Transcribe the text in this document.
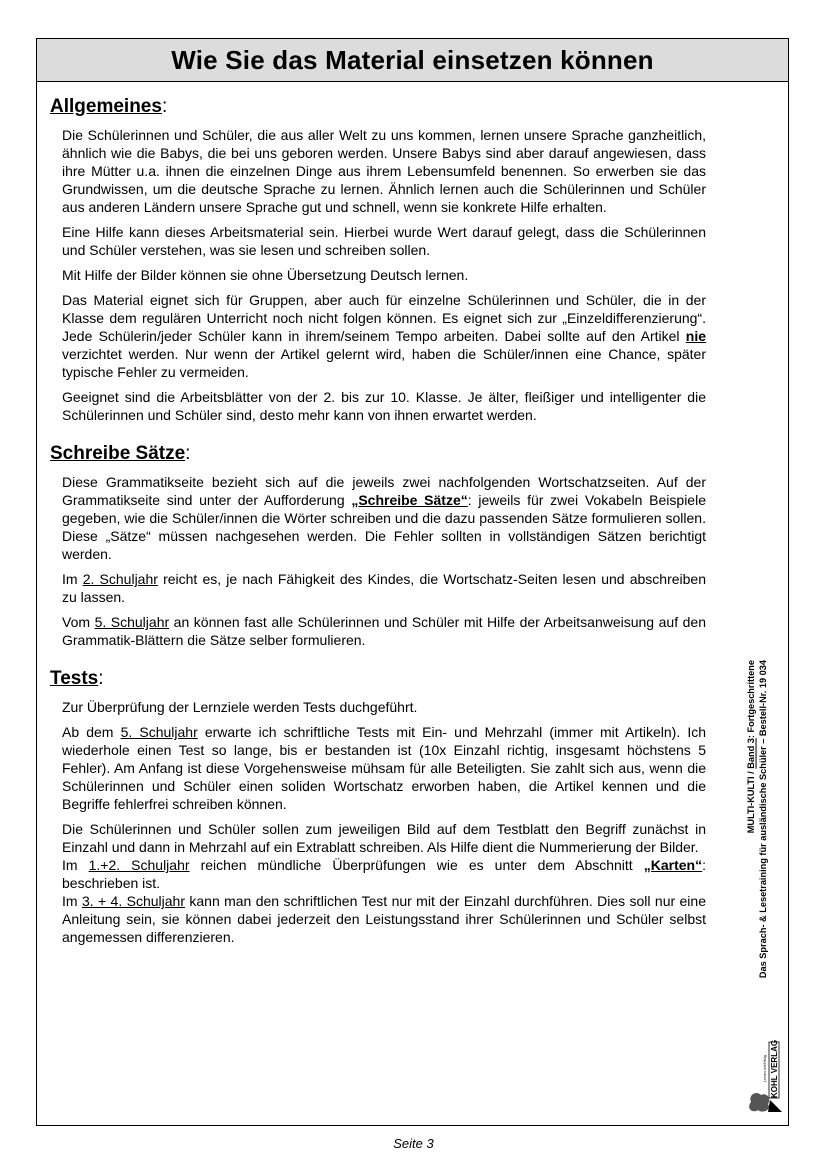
Wie Sie das Material einsetzen können
Allgemeines:

Die Schülerinnen und Schüler, die aus aller Welt zu uns kommen, lernen unsere Sprache ganzheitlich, ähnlich wie die Babys, die bei uns geboren werden. Unsere Babys sind aber darauf angewiesen, dass ihre Mütter u.a. ihnen die einzelnen Dinge aus ihrem Lebensumfeld benennen. So erwerben sie das Grundwissen, um die deutsche Sprache zu lernen. Ähnlich lernen auch die Schülerinnen und Schüler aus anderen Ländern unsere Sprache gut und schnell, wenn sie konkrete Hilfe erhalten.

Eine Hilfe kann dieses Arbeitsmaterial sein. Hierbei wurde Wert darauf gelegt, dass die Schülerinnen und Schüler verstehen, was sie lesen und schreiben sollen.

Mit Hilfe der Bilder können sie ohne Übersetzung Deutsch lernen.

Das Material eignet sich für Gruppen, aber auch für einzelne Schülerinnen und Schüler, die in der Klasse dem regulären Unterricht noch nicht folgen können. Es eignet sich zur „Einzeldifferenzierung“. Jede Schülerin/jeder Schüler kann in ihrem/seinem Tempo arbeiten. Dabei sollte auf den Artikel nie verzichtet werden. Nur wenn der Artikel gelernt wird, haben die Schüler/innen eine Chance, später typische Fehler zu vermeiden.

Geeignet sind die Arbeitsblätter von der 2. bis zur 10. Klasse. Je älter, fleißiger und intelligenter die Schülerinnen und Schüler sind, desto mehr kann von ihnen erwartet werden.

Schreibe Sätze:

Diese Grammatikseite bezieht sich auf die jeweils zwei nachfolgenden Wortschatzseiten. Auf der Grammatikseite sind unter der Aufforderung „Schreibe Sätze“: jeweils für zwei Vokabeln Beispiele gegeben, wie die Schüler/innen die Wörter schreiben und die dazu passenden Sätze formulieren sollen. Diese „Sätze“ müssen nachgesehen werden. Die Fehler sollten in vollständigen Sätzen berichtigt werden.

Im 2. Schuljahr reicht es, je nach Fähigkeit des Kindes, die Wortschatz-Seiten lesen und abschreiben zu lassen.

Vom 5. Schuljahr an können fast alle Schülerinnen und Schüler mit Hilfe der Arbeitsanweisung auf den Grammatik-Blättern die Sätze selber formulieren.

Tests:

Zur Überprüfung der Lernziele werden Tests duchgeführt.

Ab dem 5. Schuljahr erwarte ich schriftliche Tests mit Ein- und Mehrzahl (immer mit Artikeln). Ich wiederhole einen Test so lange, bis er bestanden ist (10x Einzahl richtig, insgesamt höchstens 5 Fehler). Am Anfang ist diese Vorgehensweise mühsam für alle Beteiligten. Sie zahlt sich aus, wenn die Schülerinnen und Schüler einen soliden Wortschatz erworben haben, die Artikel kennen und die Begriffe fehlerfrei schreiben können.

Die Schülerinnen und Schüler sollen zum jeweiligen Bild auf dem Testblatt den Begriff zunächst in Einzahl und dann in Mehrzahl auf ein Extrablatt schreiben. Als Hilfe dient die Nummerierung der Bilder.

Im 1.+2. Schuljahr reichen mündliche Überprüfungen wie es unter dem Abschnitt „Karten“: beschrieben ist.

Im 3. + 4. Schuljahr kann man den schriftlichen Test nur mit der Einzahl durchführen. Dies soll nur eine Anleitung sein, sie können dabei jederzeit den Leistungsstand ihrer Schülerinnen und Schüler selbst angemessen differenzieren.

MULTI-KULTI / Band 3: Fortgeschrittene Das Sprach- & Lesetraining für ausländische Schüler – Bestell-Nr. 19 034
KOHL VERLAG
Lernen mit Erfolg
Seite 3
